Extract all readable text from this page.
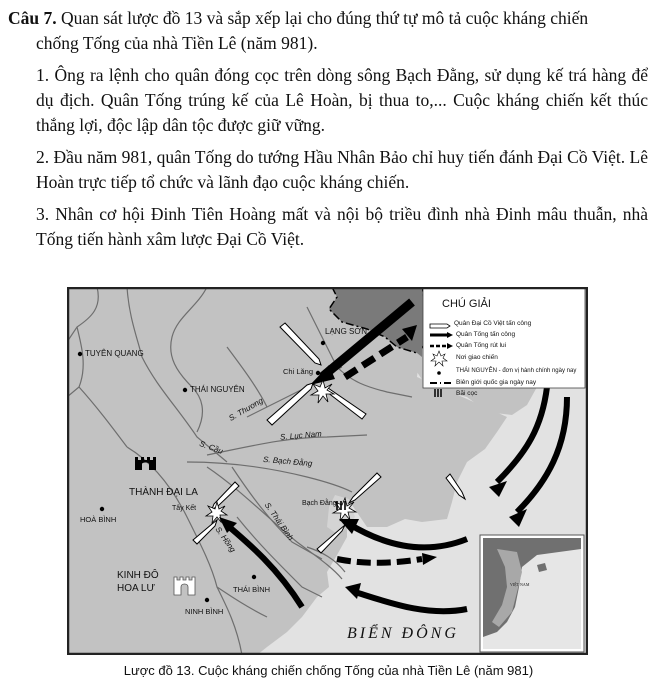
Câu 7. Quan sát lược đồ 13 và sắp xếp lại cho đúng thứ tự mô tả cuộc kháng chiến

chống Tống của nhà Tiền Lê (năm 981).

1. Ông ra lệnh cho quân đóng cọc trên dòng sông Bạch Đằng, sử dụng kế trá hàng để dụ địch. Quân Tống trúng kế của Lê Hoàn, bị thua to,... Cuộc kháng chiến kết thúc thắng lợi, độc lập dân tộc được giữ vững.

2. Đầu năm 981, quân Tống do tướng Hầu Nhân Bảo chỉ huy tiến đánh Đại Cồ Việt. Lê Hoàn trực tiếp tổ chức và lãnh đạo cuộc kháng chiến.

3. Nhân cơ hội Đinh Tiên Hoàng mất và nội bộ triều đình nhà Đinh mâu thuẫn, nhà Tống tiến hành xâm lược Đại Cồ Việt.

CHÚ GIẢI
Quân Đại Cồ Việt tấn công
Quân Tống tấn công
Quân Tống rút lui
Nơi giao chiến
THÁI NGUYÊN - đơn vị hành chính ngày nay
Biên giới quốc gia ngày nay
Bãi cọc
TUYÊN QUANG
THÁI NGUYÊN
LẠNG SƠN
Chi Lăng
THÀNH ĐẠI LA
Tây Kết
HOÀ BÌNH
Bạch Đằng
KINH ĐÔ
HOA LƯ	THÁI BÌNH
NINH BÌNH
BIỂN ĐÔNG
S. Thương
S. Lục Nam
S. Cầu
S. Bạch Đằng
S. Thái Bình
S. Hồng
VIỆT NAM
Lược đồ 13. Cuộc kháng chiến chống Tống của nhà Tiền Lê (năm 981)
